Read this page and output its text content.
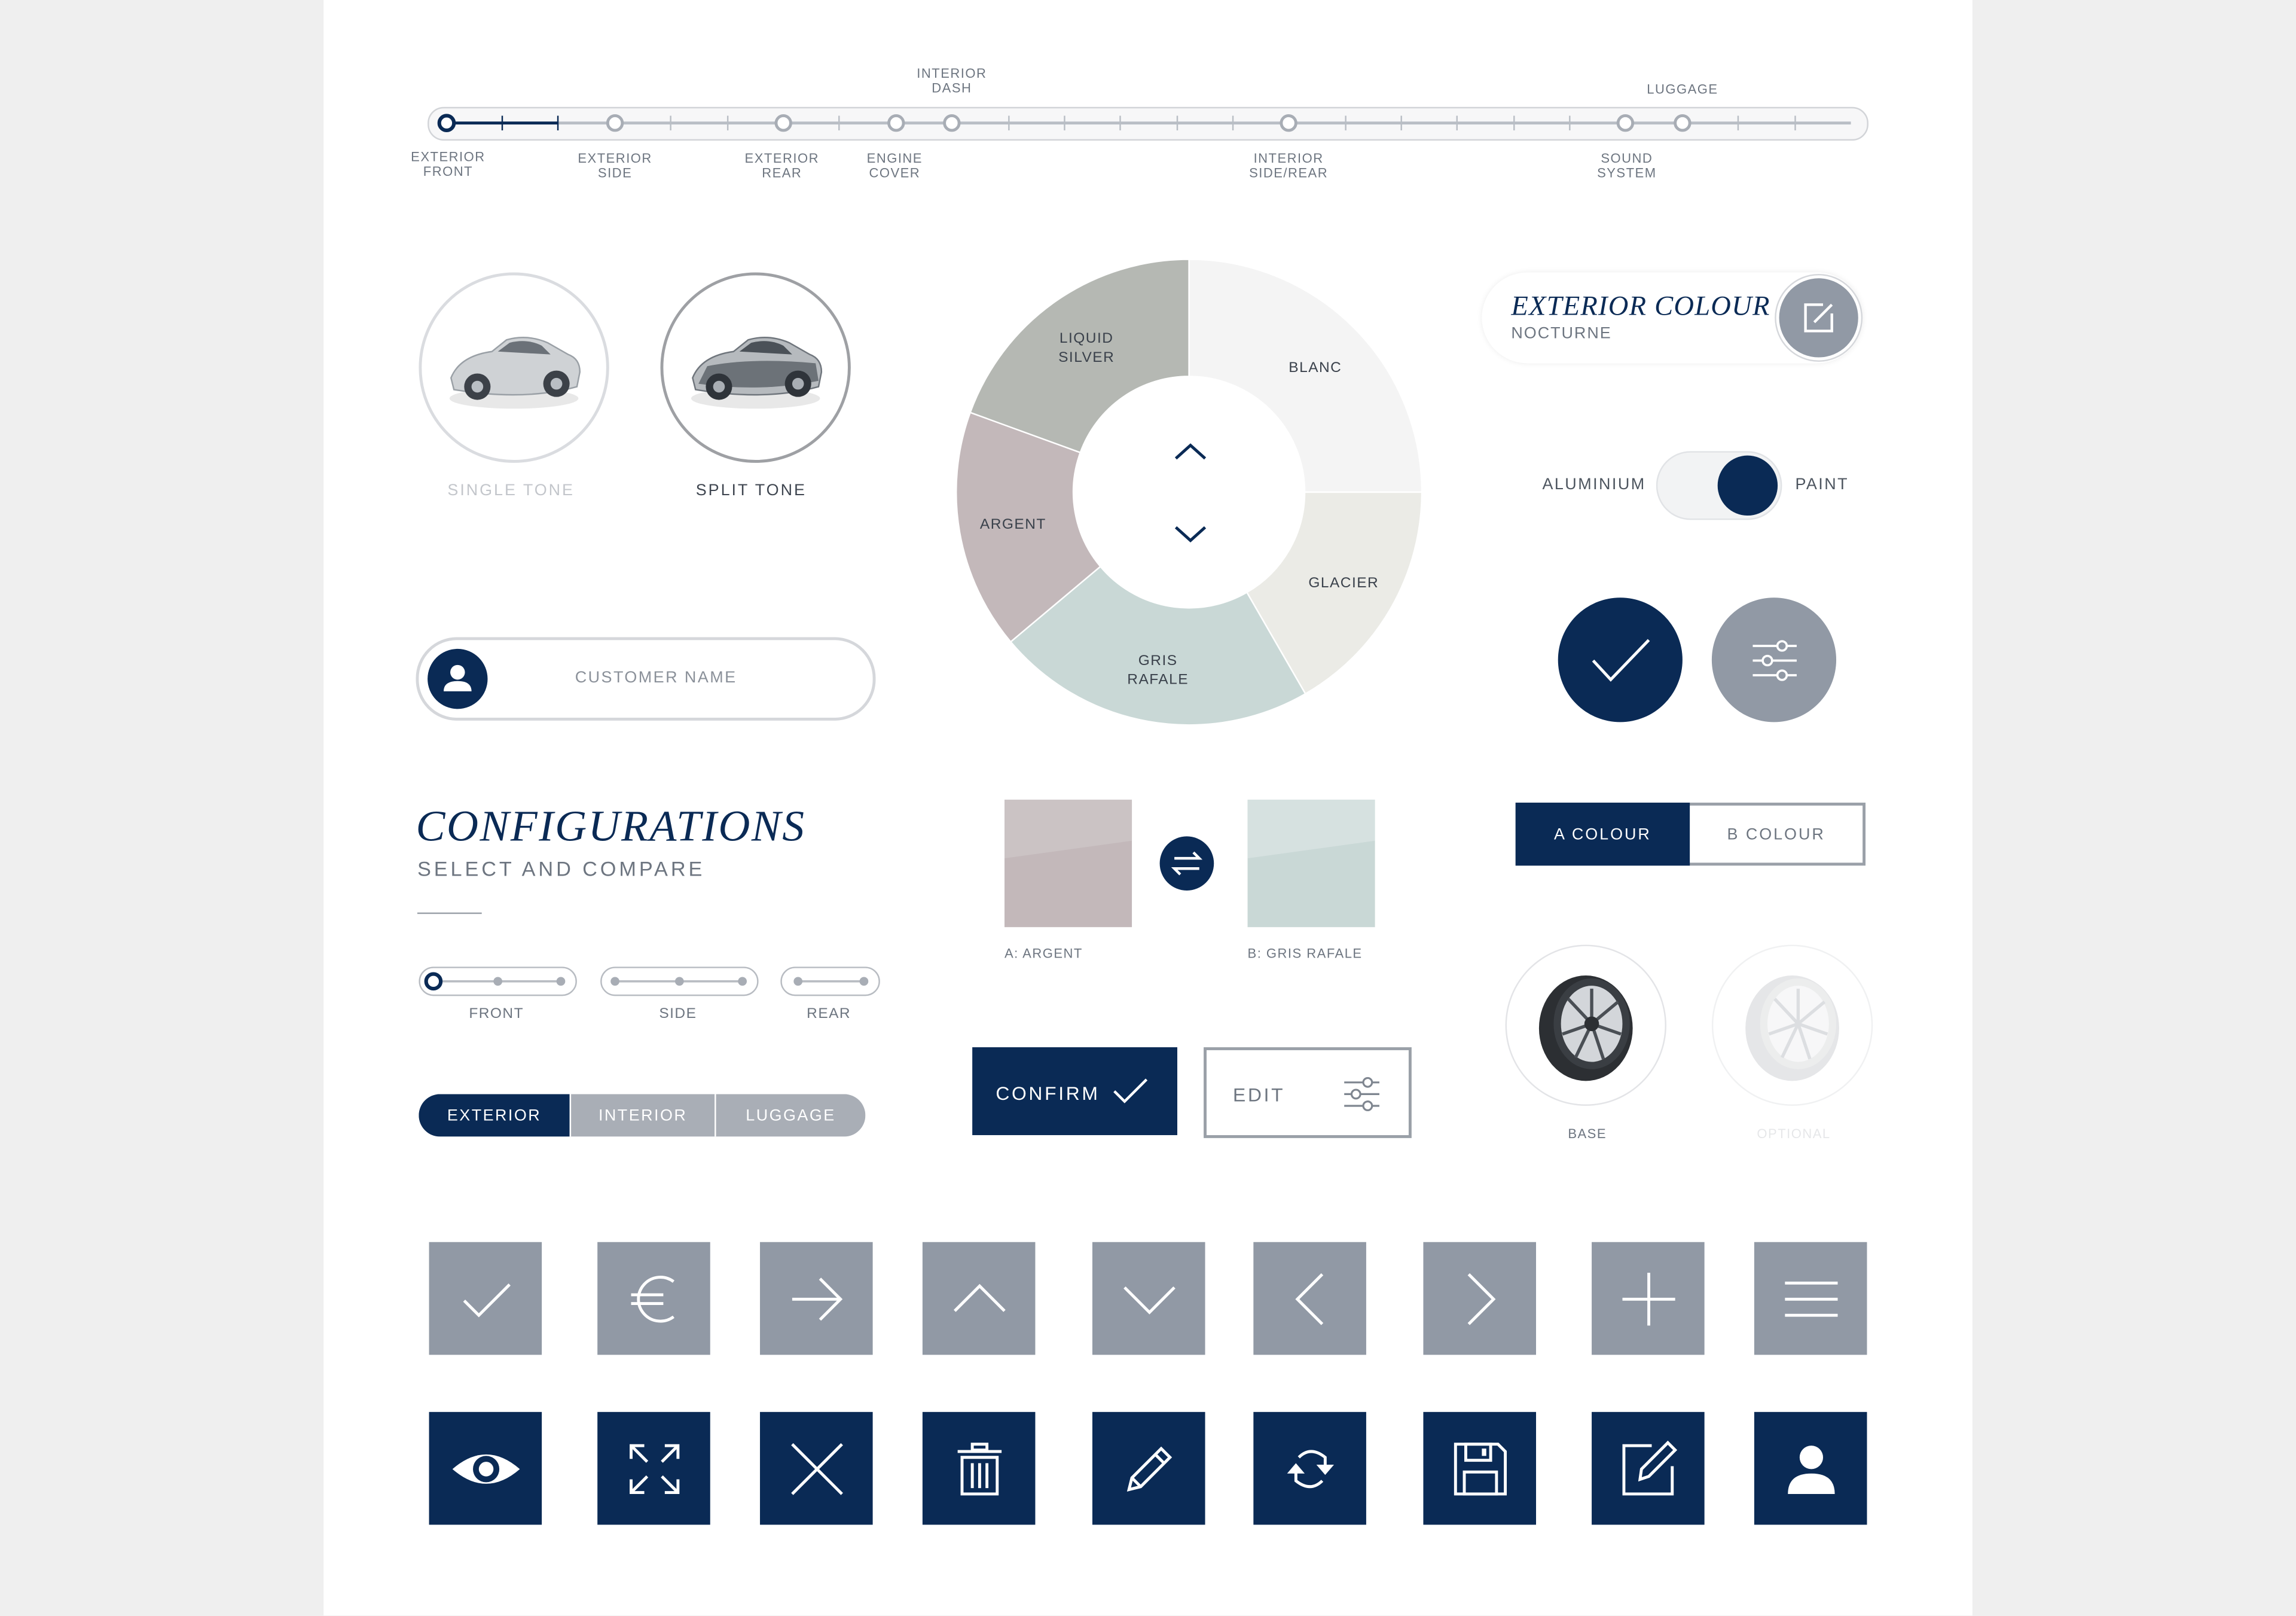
INTERIOR
DASH	LUGGAGE
EXTERIOR
FRONT
EXTERIOR
SIDE
EXTERIOR
REAR
ENGINE
COVER
INTERIOR
SIDE/REAR
SOUND
SYSTEM
SINGLE TONE	SPLIT TONE
CUSTOMER NAME
CONFIGURATIONS
SELECT AND COMPARE
FRONT	SIDE	REAR
EXTERIOR	INTERIOR	LUGGAGE
BLANC
GLACIER
GRIS
RAFALE
ARGENT
LIQUID
SILVER
A: ARGENT	B: GRIS RAFALE
CONFIRM	EDIT
EXTERIOR COLOUR
NOCTURNE
ALUMINIUM	PAINT
A COLOUR	B COLOUR
BASE	OPTIONAL
